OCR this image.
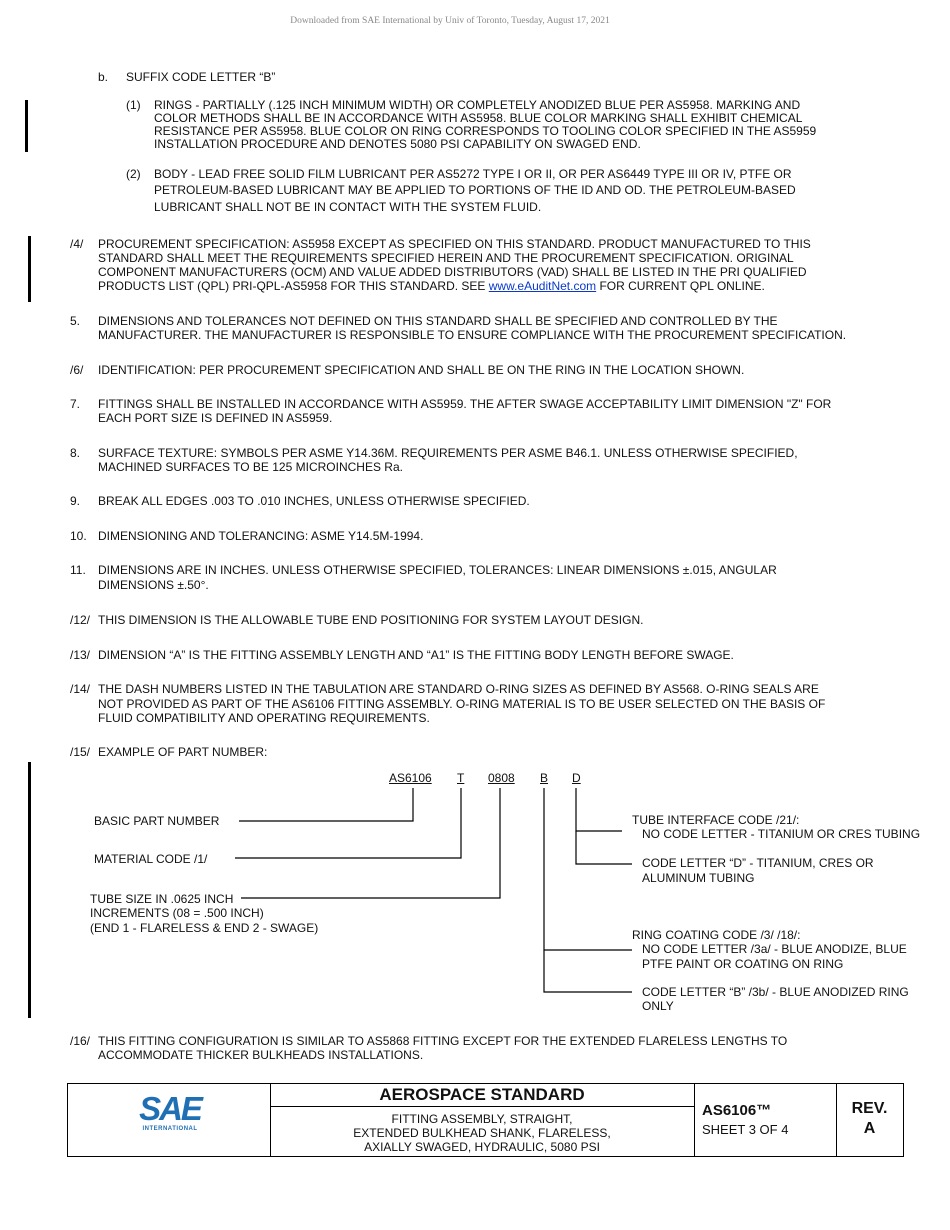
Downloaded from SAE International by Univ of Toronto, Tuesday, August 17, 2021
b. SUFFIX CODE LETTER “B”
(1) RINGS - PARTIALLY (.125 INCH MINIMUM WIDTH) OR COMPLETELY ANODIZED BLUE PER AS5958. MARKING AND
COLOR METHODS SHALL BE IN ACCORDANCE WITH AS5958. BLUE COLOR MARKING SHALL EXHIBIT CHEMICAL
RESISTANCE PER AS5958. BLUE COLOR ON RING CORRESPONDS TO TOOLING COLOR SPECIFIED IN THE AS5959
INSTALLATION PROCEDURE AND DENOTES 5080 PSI CAPABILITY ON SWAGED END.
(2) BODY - LEAD FREE SOLID FILM LUBRICANT PER AS5272 TYPE I OR II, OR PER AS6449 TYPE III OR IV, PTFE OR
PETROLEUM-BASED LUBRICANT MAY BE APPLIED TO PORTIONS OF THE ID AND OD. THE PETROLEUM-BASED
LUBRICANT SHALL NOT BE IN CONTACT WITH THE SYSTEM FLUID.
/4/ PROCUREMENT SPECIFICATION: AS5958 EXCEPT AS SPECIFIED ON THIS STANDARD. PRODUCT MANUFACTURED TO THIS
STANDARD SHALL MEET THE REQUIREMENTS SPECIFIED HEREIN AND THE PROCUREMENT SPECIFICATION. ORIGINAL
COMPONENT MANUFACTURERS (OCM) AND VALUE ADDED DISTRIBUTORS (VAD) SHALL BE LISTED IN THE PRI QUALIFIED
PRODUCTS LIST (QPL) PRI-QPL-AS5958 FOR THIS STANDARD. SEE www.eAuditNet.com FOR CURRENT QPL ONLINE.
5. DIMENSIONS AND TOLERANCES NOT DEFINED ON THIS STANDARD SHALL BE SPECIFIED AND CONTROLLED BY THE
MANUFACTURER. THE MANUFACTURER IS RESPONSIBLE TO ENSURE COMPLIANCE WITH THE PROCUREMENT SPECIFICATION.
/6/ IDENTIFICATION: PER PROCUREMENT SPECIFICATION AND SHALL BE ON THE RING IN THE LOCATION SHOWN.
7. FITTINGS SHALL BE INSTALLED IN ACCORDANCE WITH AS5959. THE AFTER SWAGE ACCEPTABILITY LIMIT DIMENSION "Z" FOR
EACH PORT SIZE IS DEFINED IN AS5959.
8. SURFACE TEXTURE: SYMBOLS PER ASME Y14.36M. REQUIREMENTS PER ASME B46.1. UNLESS OTHERWISE SPECIFIED,
MACHINED SURFACES TO BE 125 MICROINCHES Ra.
9. BREAK ALL EDGES .003 TO .010 INCHES, UNLESS OTHERWISE SPECIFIED.
10. DIMENSIONING AND TOLERANCING: ASME Y14.5M-1994.
11. DIMENSIONS ARE IN INCHES. UNLESS OTHERWISE SPECIFIED, TOLERANCES: LINEAR DIMENSIONS ±.015, ANGULAR
DIMENSIONS ±.50°.
/12/ THIS DIMENSION IS THE ALLOWABLE TUBE END POSITIONING FOR SYSTEM LAYOUT DESIGN.
/13/ DIMENSION “A” IS THE FITTING ASSEMBLY LENGTH AND “A1” IS THE FITTING BODY LENGTH BEFORE SWAGE.
/14/ THE DASH NUMBERS LISTED IN THE TABULATION ARE STANDARD O-RING SIZES AS DEFINED BY AS568. O-RING SEALS ARE
NOT PROVIDED AS PART OF THE AS6106 FITTING ASSEMBLY. O-RING MATERIAL IS TO BE USER SELECTED ON THE BASIS OF
FLUID COMPATIBILITY AND OPERATING REQUIREMENTS.
/15/ EXAMPLE OF PART NUMBER:
AS6106 T 0808 B D
BASIC PART NUMBER
MATERIAL CODE /1/
TUBE SIZE IN .0625 INCH
INCREMENTS (08 = .500 INCH)
(END 1 - FLARELESS & END 2 - SWAGE)
TUBE INTERFACE CODE /21/:
NO CODE LETTER - TITANIUM OR CRES TUBING
CODE LETTER “D” - TITANIUM, CRES OR
ALUMINUM TUBING
RING COATING CODE /3/ /18/:
NO CODE LETTER /3a/ - BLUE ANODIZE, BLUE
PTFE PAINT OR COATING ON RING
CODE LETTER “B” /3b/ - BLUE ANODIZED RING
ONLY
/16/ THIS FITTING CONFIGURATION IS SIMILAR TO AS5868 FITTING EXCEPT FOR THE EXTENDED FLARELESS LENGTHS TO
ACCOMMODATE THICKER BULKHEADS INSTALLATIONS.
SAE
INTERNATIONAL
AEROSPACE STANDARD
FITTING ASSEMBLY, STRAIGHT,
EXTENDED BULKHEAD SHANK, FLARELESS,
AXIALLY SWAGED, HYDRAULIC, 5080 PSI
AS6106™
SHEET 3 OF 4
REV.
A
